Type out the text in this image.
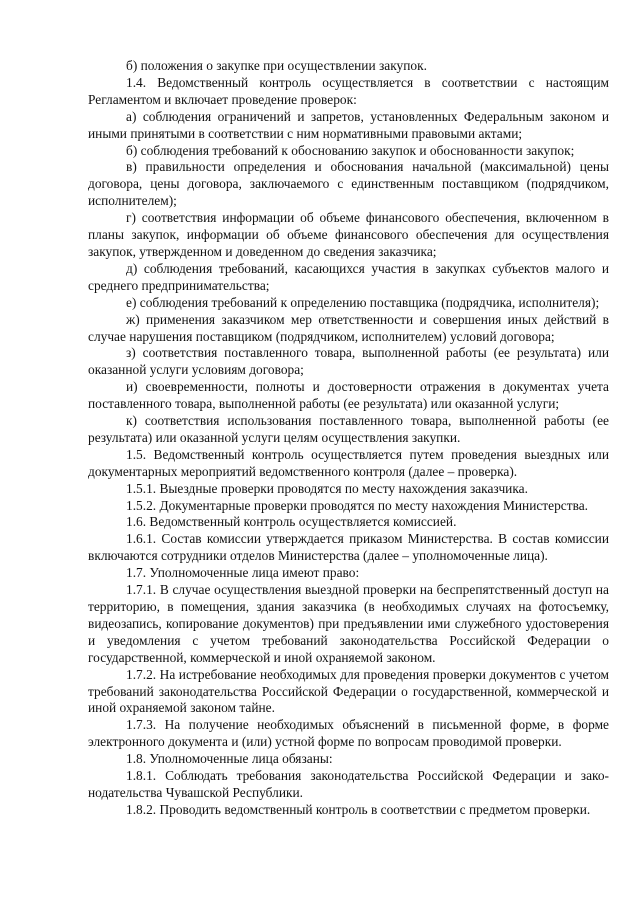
б) положения о закупке при осуществлении закупок.

1.4. Ведомственный контроль осуществляется в соответствии с настоящим Регламентом и включает проведение проверок:

а) соблюдения ограничений и запретов, установленных Федеральным законом и иными принятыми в соответствии с ним нормативными правовыми актами;

б) соблюдения требований к обоснованию закупок и обоснованности закупок;

в) правильности определения и обоснования начальной (максимальной) цены договора, цены договора, заключаемого с единственным поставщиком (подрядчиком, исполнителем);

г) соответствия информации об объеме финансового обеспечения, включенном в планы закупок, информации об объеме финансового обеспечения для осуществления закупок, утвержденном и доведенном до сведения заказчика;

д) соблюдения требований, касающихся участия в закупках субъектов малого и среднего предпринимательства;

е) соблюдения требований к определению поставщика (подрядчика, исполнителя);

ж) применения заказчиком мер ответственности и совершения иных действий в случае нарушения поставщиком (подрядчиком, исполнителем) условий договора;

з) соответствия поставленного товара, выполненной работы (ее результата) или оказанной услуги условиям договора;

и) своевременности, полноты и достоверности отражения в документах учета поставленного товара, выполненной работы (ее результата) или оказанной услуги;

к) соответствия использования поставленного товара, выполненной работы (ее результата) или оказанной услуги целям осуществления закупки.

1.5. Ведомственный контроль осуществляется путем проведения выездных или документарных мероприятий ведомственного контроля (далее – проверка).

1.5.1. Выездные проверки проводятся по месту нахождения заказчика.

1.5.2. Документарные проверки проводятся по месту нахождения Министерства.

1.6. Ведомственный контроль осуществляется комиссией.

1.6.1. Состав комиссии утверждается приказом Министерства. В состав комиссии включаются сотрудники отделов Министерства (далее – уполномоченные лица).

1.7. Уполномоченные лица имеют право:

1.7.1. В случае осуществления выездной проверки на беспрепятственный доступ на территорию, в помещения, здания заказчика (в необходимых случаях на фотосъемку, видеозапись, копирование документов) при предъявлении ими служебного удостоверения и уведомления с учетом требований законодательства Российской Федерации о государственной, коммерческой и иной охраняемой законом.

1.7.2. На истребование необходимых для проведения проверки документов с учетом требований законодательства Российской Федерации о государственной, коммерческой и иной охраняемой законом тайне.

1.7.3. На получение необходимых объяснений в письменной форме, в форме электронного документа и (или) устной форме по вопросам проводимой проверки.

1.8. Уполномоченные лица обязаны:

1.8.1. Соблюдать требования законодательства Российской Федерации и законодательства Чувашской Республики.

1.8.2. Проводить ведомственный контроль в соответствии с предметом проверки.
